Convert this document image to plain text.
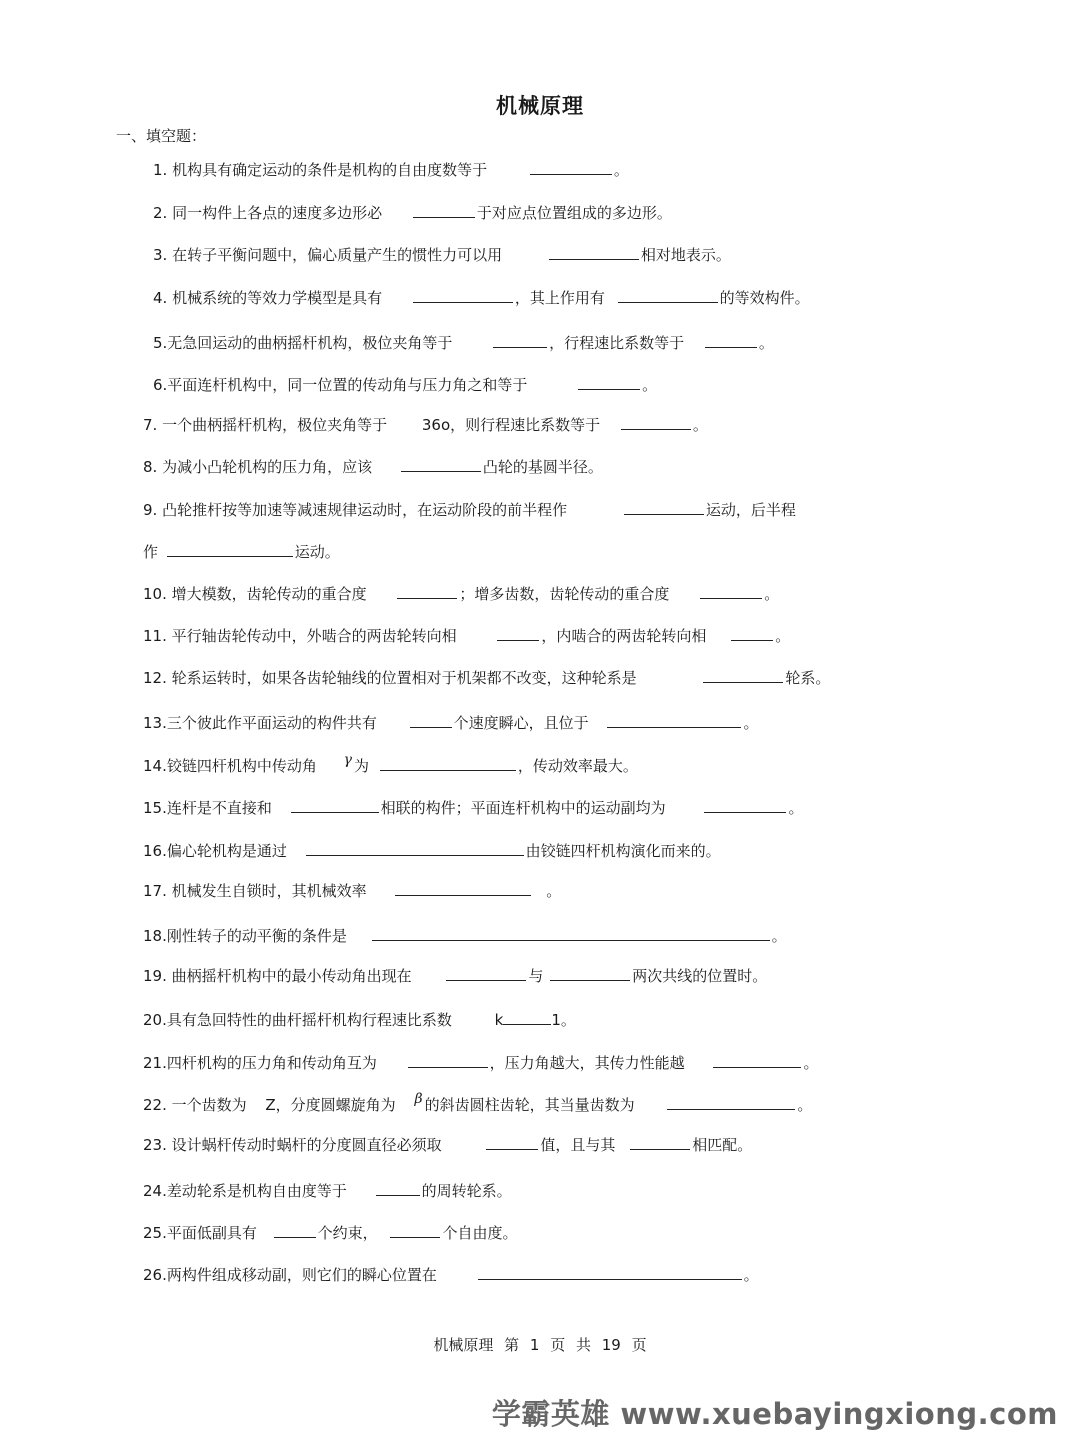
机械原理
一、填空题：
1. 机构具有确定运动的条件是机构的自由度数等于	。
2. 同一构件上各点的速度多边形必	于对应点位置组成的多边形。
3. 在转子平衡问题中，偏心质量产生的惯性力可以用	相对地表示。
4. 机械系统的等效力学模型是具有	，其上作用有	的等效构件。
5.无急回运动的曲柄摇杆机构，极位夹角等于	，行程速比系数等于	。
6.平面连杆机构中，同一位置的传动角与压力角之和等于	。
7. 一个曲柄摇杆机构，极位夹角等于 36o，则行程速比系数等于	。
8. 为减小凸轮机构的压力角，应该	凸轮的基圆半径。
9. 凸轮推杆按等加速等减速规律运动时，在运动阶段的前半程作	运动，后半程
作	运动。
10. 增大模数，齿轮传动的重合度	；增多齿数，齿轮传动的重合度	。
11. 平行轴齿轮传动中，外啮合的两齿轮转向相	，内啮合的两齿轮转向相	。
12. 轮系运转时，如果各齿轮轴线的位置相对于机架都不改变，这种轮系是	轮系。
13.三个彼此作平面运动的构件共有	个速度瞬心，且位于	。
14.铰链四杆机构中传动角 γ 为	，传动效率最大。
15.连杆是不直接和	相联的构件；平面连杆机构中的运动副均为	。
16.偏心轮机构是通过	由铰链四杆机构演化而来的。
17. 机械发生自锁时，其机械效率	。
18.刚性转子的动平衡的条件是	。
19. 曲柄摇杆机构中的最小传动角出现在	与	两次共线的位置时。
20.具有急回特性的曲杆摇杆机构行程速比系数	k	1。
21.四杆机构的压力角和传动角互为	，压力角越大，其传力性能越	。
22. 一个齿数为 Z，分度圆螺旋角为 β 的斜齿圆柱齿轮，其当量齿数为	。
23. 设计蜗杆传动时蜗杆的分度圆直径必须取	值，且与其	相匹配。
24.差动轮系是机构自由度等于	的周转轮系。
25.平面低副具有	个约束，	个自由度。
26.两构件组成移动副，则它们的瞬心位置在	。
机械原理 第 1 页 共 19 页
学霸英雄 www.xuebayingxiong.com
